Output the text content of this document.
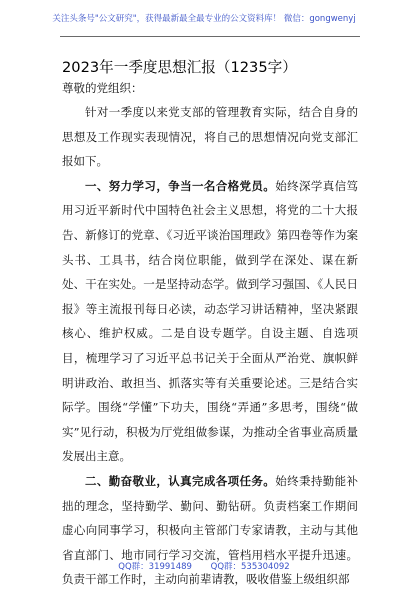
关注头条号"公文研究"，获得最新最全最专业的公文资料库！ 微信：gongwenyj
2023年一季度思想汇报（1235字）
尊敬的党组织：

针对一季度以来党支部的管理教育实际，结合自身的思想及工作现实表现情况，将自己的思想情况向党支部汇报如下。

一、努力学习，争当一名合格党员。始终深学真信笃用习近平新时代中国特色社会主义思想，将党的二十大报告、新修订的党章、《习近平谈治国理政》第四卷等作为案头书、工具书，结合岗位职能，做到学在深处、谋在新处、干在实处。一是坚持动态学。做到学习强国、《人民日报》等主流报刊每日必读，动态学习讲话精神，坚决紧跟核心、维护权威。二是自设专题学。自设主题、自选项目，梳理学习了习近平总书记关于全面从严治党、旗帜鲜明讲政治、敢担当、抓落实等有关重要论述。三是结合实际学。围绕“学懂”下功夫，围绕“弄通”多思考，围绕“做实”见行动，积极为厅党组做参谋，为推动全省事业高质量发展出主意。

二、勤奋敬业，认真完成各项任务。始终秉持勤能补拙的理念，坚持勤学、勤问、勤钻研。负责档案工作期间虚心向同事学习，积极向主管部门专家请教，主动与其他省直部门、地市同行学习交流，管档用档水平提升迅速。负责干部工作时，主动向前辈请教，吸收借鉴上级组织部

QQ群：31991489 QQ群：535304092
